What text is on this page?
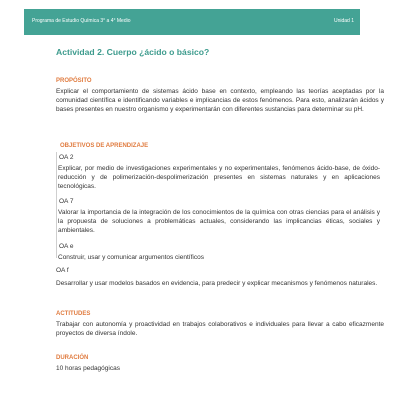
Programa de Estudio Química 3° a 4° Medio	Unidad 1
Actividad 2. Cuerpo ¿ácido o básico?
PROPÓSITO

Explicar el comportamiento de sistemas ácido base en contexto, empleando las teorías aceptadas por la comunidad científica e identificando variables e implicancias de estos fenómenos. Para esto, analizarán ácidos y bases presentes en nuestro organismo y experimentarán con diferentes sustancias para determinar su pH.

OBJETIVOS DE APRENDIZAJE

OA 2

Explicar, por medio de investigaciones experimentales y no experimentales, fenómenos ácido-base, de óxido-reducción y de polimerización-despolimerización presentes en sistemas naturales y en aplicaciones tecnológicas.

OA 7

Valorar la importancia de la integración de los conocimientos de la química con otras ciencias para el análisis y la propuesta de soluciones a problemáticas actuales, considerando las implicancias éticas, sociales y ambientales.

OA e

Construir, usar y comunicar argumentos científicos

OA f

Desarrollar y usar modelos basados en evidencia, para predecir y explicar mecanismos y fenómenos naturales.

ACTITUDES

Trabajar con autonomía y proactividad en trabajos colaborativos e individuales para llevar a cabo eficazmente proyectos de diversa índole.

DURACIÓN

10 horas pedagógicas
